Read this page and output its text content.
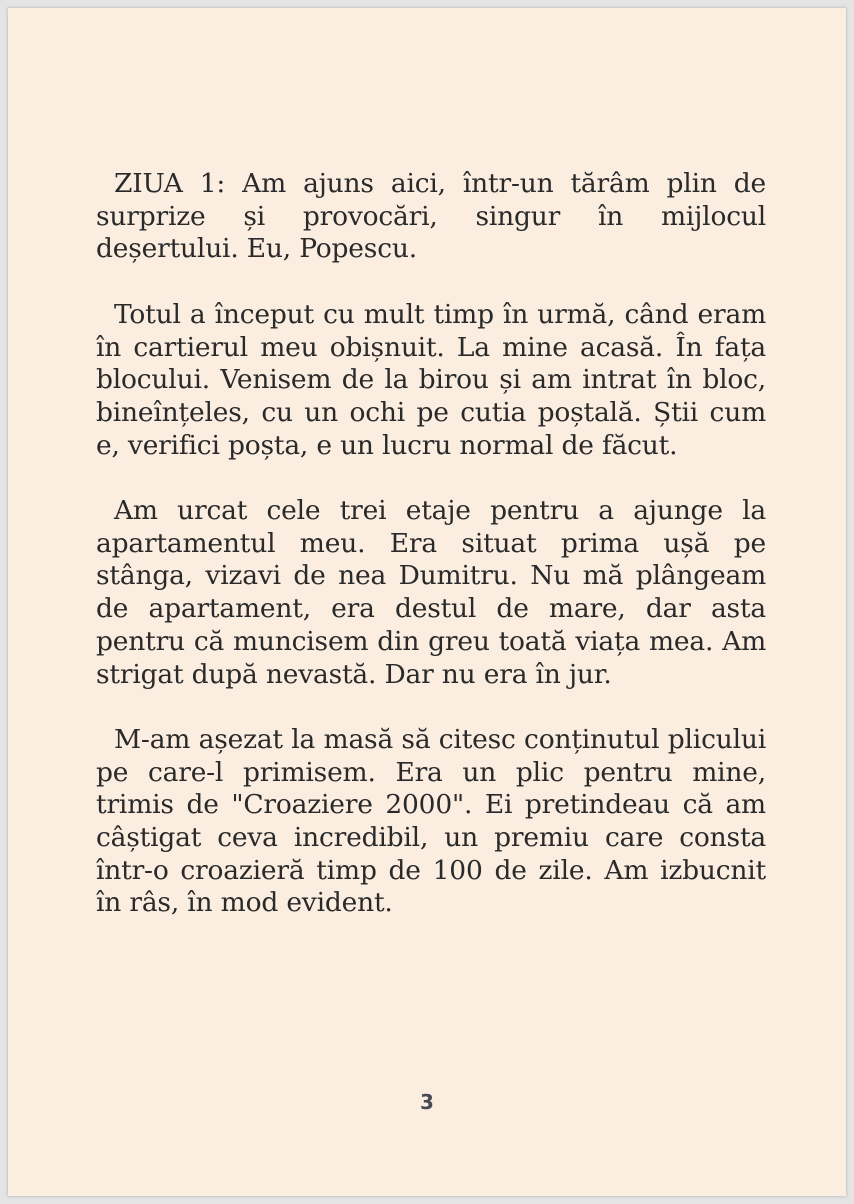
ZIUA 1: Am ajuns aici, într-un tărâm plin de surprize și provocări, singur în mijlocul deșertului. Eu, Popescu.

Totul a început cu mult timp în urmă, când eram în cartierul meu obișnuit. La mine acasă. În fața blocului. Venisem de la birou și am intrat în bloc, bineînțeles, cu un ochi pe cutia poștală. Știi cum e, verifici poșta, e un lucru normal de făcut.

Am urcat cele trei etaje pentru a ajunge la apartamentul meu. Era situat prima ușă pe stânga, vizavi de nea Dumitru. Nu mă plângeam de apartament, era destul de mare, dar asta pentru că muncisem din greu toată viața mea. Am strigat după nevastă. Dar nu era în jur.

M-am așezat la masă să citesc conținutul plicului pe care-l primisem. Era un plic pentru mine, trimis de "Croaziere 2000". Ei pretindeau că am câștigat ceva incredibil, un premiu care consta într-o croazieră timp de 100 de zile. Am izbucnit în râs, în mod evident.

3
